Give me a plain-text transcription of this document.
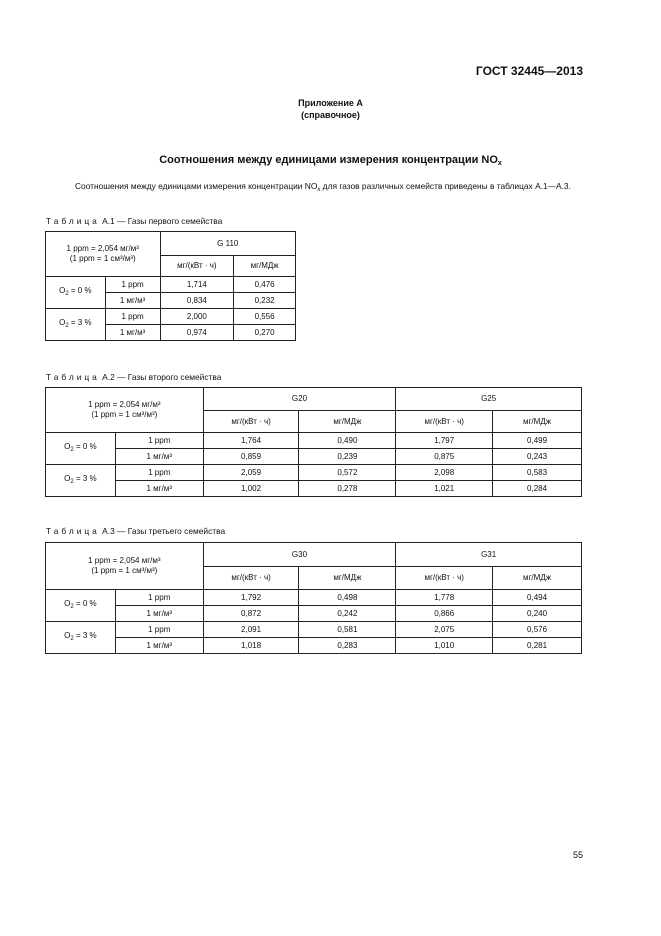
ГОСТ 32445—2013
Приложение А
(справочное)
Соотношения между единицами измерения концентрации $NO_x$
Соотношения между единицами измерения концентрации $NO_x$ для газов различных семейств приведены в таблицах А.1—А.3.
Таблица А.1 — Газы первого семейства
1 ppm = 2,054 мг/м³
(1 ppm = 1 см³/м³)		G 110	
		мг/(кВт · ч)	мг/МДж
$O_2 = 0$ %	1 ppm	1,714	0,476
	1 мг/м³	0,834	0,232
$O_2 = 3$ %	1 ppm	2,000	0,556
	1 мг/м³	0,974	0,270
Таблица А.2 — Газы второго семейства
1 ppm = 2,054 мг/м³
(1 ppm = 1 см³/м³)		G20		G25	
		мг/(кВт · ч)	мг/МДж	мг/(кВт · ч)	мг/МДж
$O_2 = 0$ %	1 ppm	1,764	0,490	1,797	0,499
	1 мг/м³	0,859	0,239	0,875	0,243
$O_2 = 3$ %	1 ppm	2,059	0,572	2,098	0,583
	1 мг/м³	1,002	0,278	1,021	0,284
Таблица А.3 — Газы третьего семейства
1 ppm = 2,054 мг/м³
(1 ppm = 1 см³/м³)		G30		G31	
		мг/(кВт · ч)	мг/МДж	мг/(кВт · ч)	мг/МДж
$O_2 = 0$ %	1 ppm	1,792	0,498	1,778	0,494
	1 мг/м³	0,872	0,242	0,866	0,240
$O_2 = 3$ %	1 ppm	2,091	0,581	2,075	0,576
	1 мг/м³	1,018	0,283	1,010	0,281
55
